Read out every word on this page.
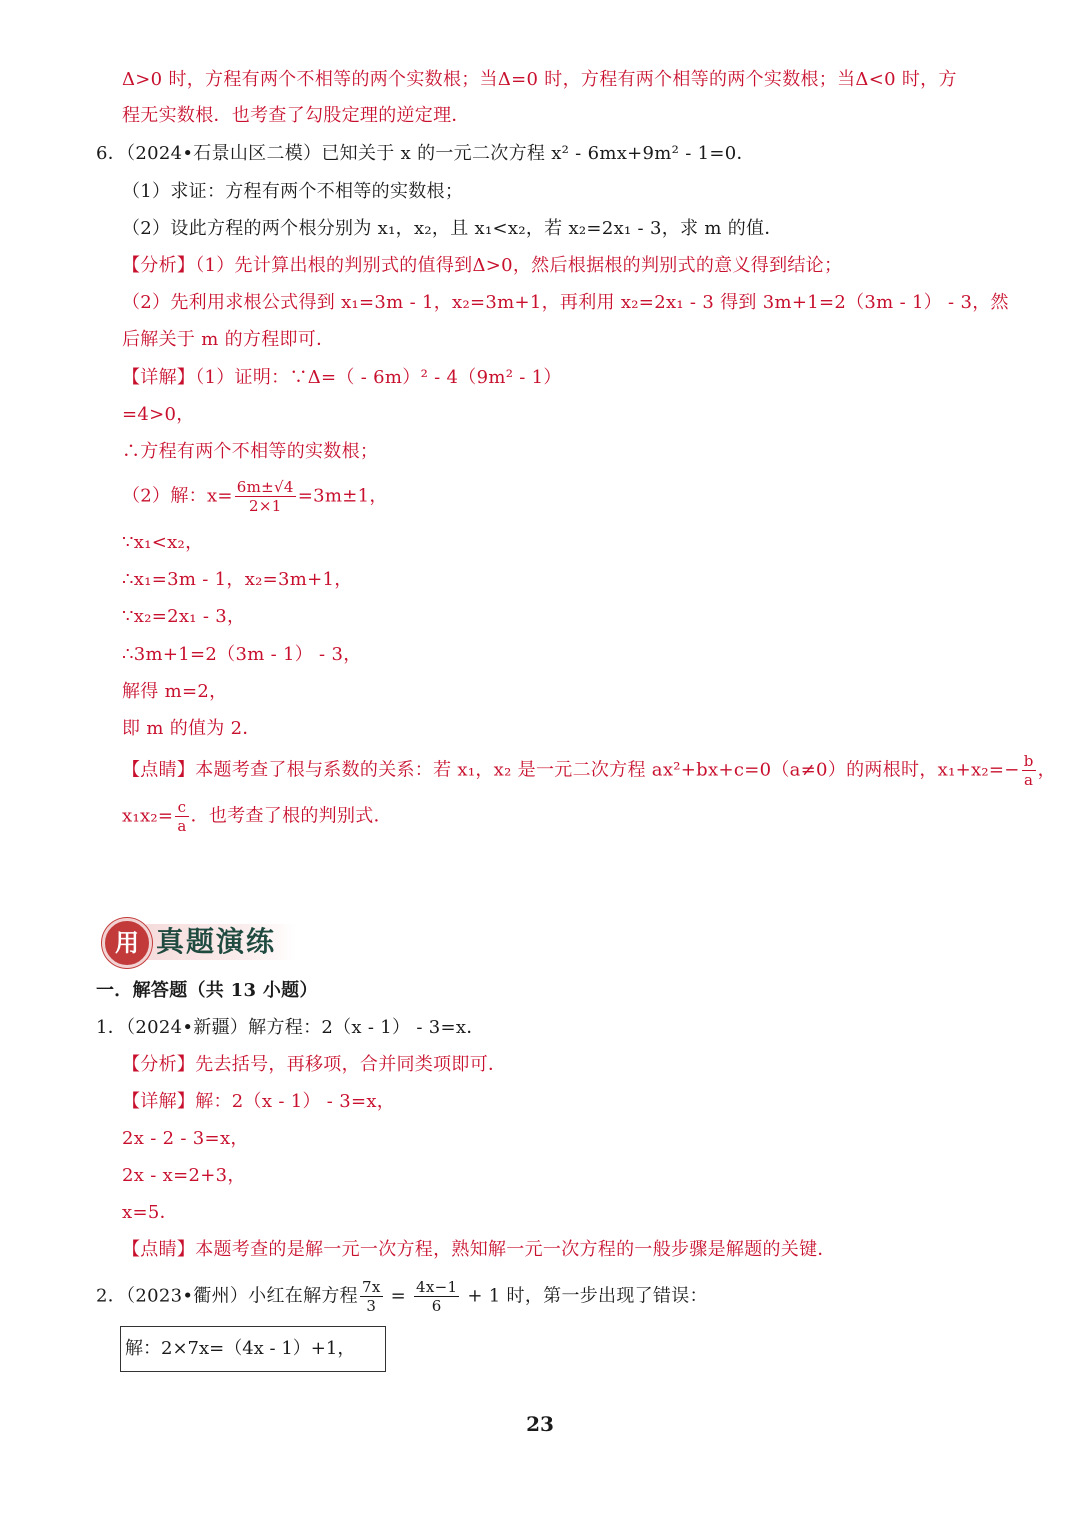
Δ>0 时，方程有两个不相等的两个实数根；当Δ=0 时，方程有两个相等的两个实数根；当Δ<0 时，方
程无实数根．也考查了勾股定理的逆定理．
6．（2024•石景山区二模）已知关于 x 的一元二次方程 x² - 6mx+9m² - 1=0．
（1）求证：方程有两个不相等的实数根；
（2）设此方程的两个根分别为 x₁，x₂，且 x₁<x₂，若 x₂=2x₁ - 3，求 m 的值．
【分析】（1）先计算出根的判别式的值得到Δ>0，然后根据根的判别式的意义得到结论；
（2）先利用求根公式得到 x₁=3m - 1，x₂=3m+1，再利用 x₂=2x₁ - 3 得到 3m+1=2（3m - 1） - 3，然
后解关于 m 的方程即可．
【详解】（1）证明：∵Δ=（ - 6m）² - 4（9m² - 1）
=4>0，
∴方程有两个不相等的实数根；
（2）解：$x= \frac{6m\pm√4}{2\times 1} =3m\pm 1$，
∵x₁<x₂，
∴x₁=3m - 1，x₂=3m+1，
∵x₂=2x₁ - 3，
∴3m+1=2（3m - 1） - 3，
解得 m=2，
即 m 的值为 2．
【点睛】本题考查了根与系数的关系：若 x₁，x₂ 是一元二次方程 ax²+bx+c=0（a≠0）的两根时，$x_1+x_2=- \frac{b}{a}$ ，
$x_1x_2= \frac{c}{a}$ ．也考查了根的判别式．
用 真题演练
一．解答题（共 13 小题）
1．（2024•新疆）解方程：2（x - 1） - 3=x．
【分析】先去括号，再移项，合并同类项即可．
【详解】解：2（x - 1） - 3=x，
2x - 2 - 3=x，
2x - x=2+3，
x=5．
【点睛】本题考查的是解一元一次方程，熟知解一元一次方程的一般步骤是解题的关键．
2．（2023•衢州）小红在解方程 $\frac{7x}{3} = \frac{4x-1}{6} + 1$ 时，第一步出现了错误：
解：2×7x=（4x - 1）+1，
23
